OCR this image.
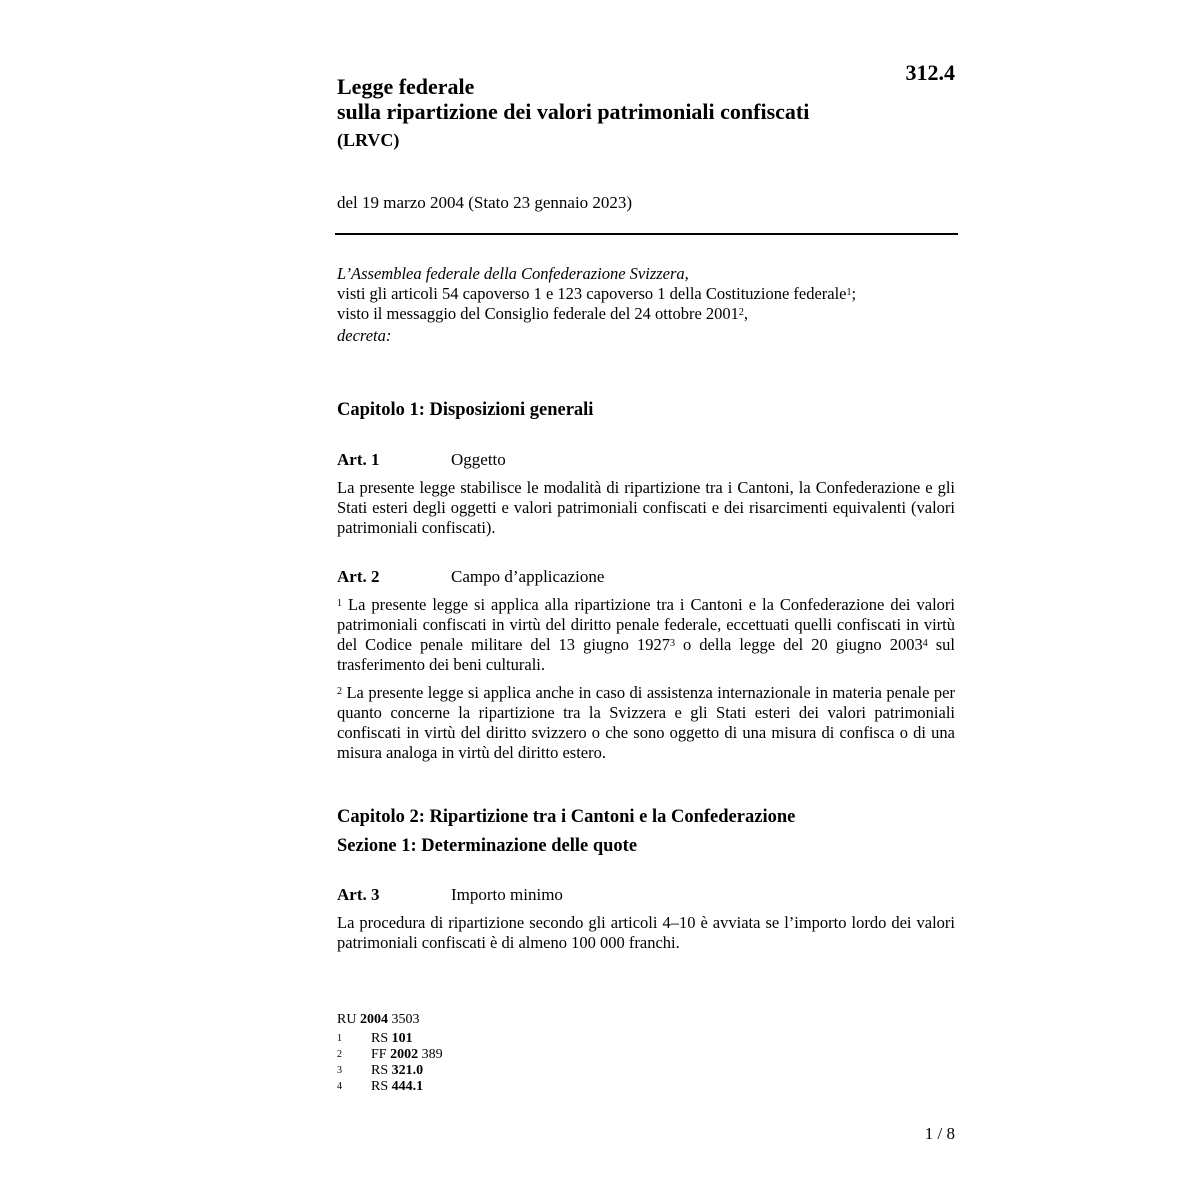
312.4
Legge federale
sulla ripartizione dei valori patrimoniali confiscati
(LRVC)
del 19 marzo 2004 (Stato 23 gennaio 2023)
L’Assemblea federale della Confederazione Svizzera,
visti gli articoli 54 capoverso 1 e 123 capoverso 1 della Costituzione federale$^1$;
visto il messaggio del Consiglio federale del 24 ottobre 2001$^2$,
decreta:
Capitolo 1: Disposizioni generali
Art. 1	Oggetto
La presente legge stabilisce le modalità di ripartizione tra i Cantoni, la Confederazione e gli Stati esteri degli oggetti e valori patrimoniali confiscati e dei risarcimenti equivalenti (valori patrimoniali confiscati).
Art. 2	Campo d’applicazione
$^1$ La presente legge si applica alla ripartizione tra i Cantoni e la Confederazione dei valori patrimoniali confiscati in virtù del diritto penale federale, eccettuati quelli confiscati in virtù del Codice penale militare del 13 giugno 1927$^3$ o della legge del 20 giugno 2003$^4$ sul trasferimento dei beni culturali.
$^2$ La presente legge si applica anche in caso di assistenza internazionale in materia penale per quanto concerne la ripartizione tra la Svizzera e gli Stati esteri dei valori patrimoniali confiscati in virtù del diritto svizzero o che sono oggetto di una misura di confisca o di una misura analoga in virtù del diritto estero.
Capitolo 2: Ripartizione tra i Cantoni e la Confederazione
Sezione 1: Determinazione delle quote
Art. 3	Importo minimo
La procedura di ripartizione secondo gli articoli 4–10 è avviata se l’importo lordo dei valori patrimoniali confiscati è di almeno 100 000 franchi.
RU 2004 3503
1 RS 101
2 FF 2002 389
3 RS 321.0
4 RS 444.1
1 / 8
